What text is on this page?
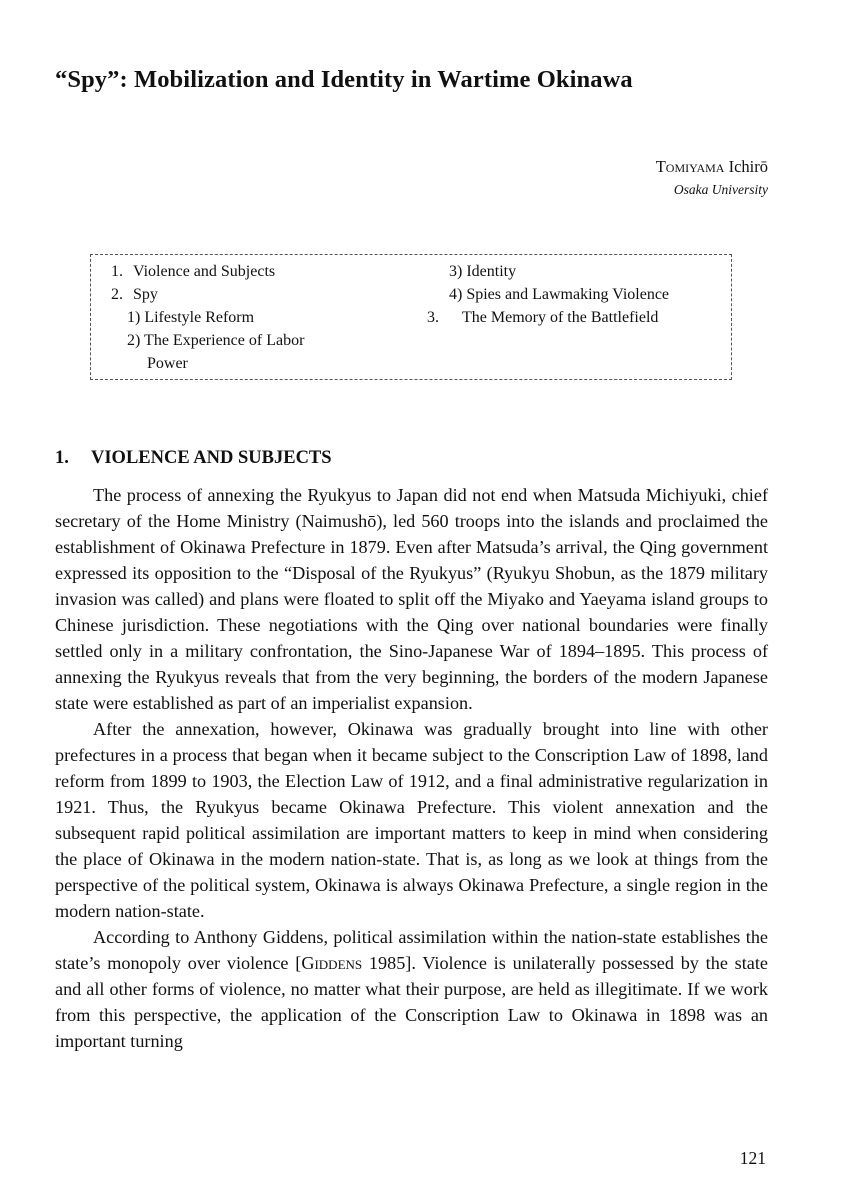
“Spy”: Mobilization and Identity in Wartime Okinawa
Tomiyama Ichirō
Osaka University
1. Violence and Subjects
2. Spy
1) Lifestyle Reform
2) The Experience of Labor
Power
3) Identity
4) Spies and Lawmaking Violence
3. The Memory of the Battlefield
1. VIOLENCE AND SUBJECTS

The process of annexing the Ryukyus to Japan did not end when Matsuda Michiyuki, chief secretary of the Home Ministry (Naimushō), led 560 troops into the islands and proclaimed the establishment of Okinawa Prefecture in 1879. Even after Matsuda’s arrival, the Qing government expressed its opposition to the “Disposal of the Ryukyus” (Ryukyu Shobun, as the 1879 military invasion was called) and plans were floated to split off the Miyako and Yaeyama island groups to Chinese jurisdiction. These negotiations with the Qing over national boundaries were finally settled only in a military confrontation, the Sino-Japanese War of 1894–1895. This process of annexing the Ryukyus reveals that from the very beginning, the borders of the modern Japanese state were established as part of an imperialist expansion.

After the annexation, however, Okinawa was gradually brought into line with other prefectures in a process that began when it became subject to the Conscription Law of 1898, land reform from 1899 to 1903, the Election Law of 1912, and a final administrative regularization in 1921. Thus, the Ryukyus became Okinawa Prefecture. This violent annexation and the subsequent rapid political assimilation are important matters to keep in mind when considering the place of Okinawa in the modern nation-state. That is, as long as we look at things from the perspective of the political system, Okinawa is always Okinawa Prefecture, a single region in the modern nation-state.

According to Anthony Giddens, political assimilation within the nation-state establishes the state’s monopoly over violence [Giddens 1985]. Violence is unilaterally possessed by the state and all other forms of violence, no matter what their purpose, are held as illegitimate. If we work from this perspective, the application of the Conscription Law to Okinawa in 1898 was an important turning

121
